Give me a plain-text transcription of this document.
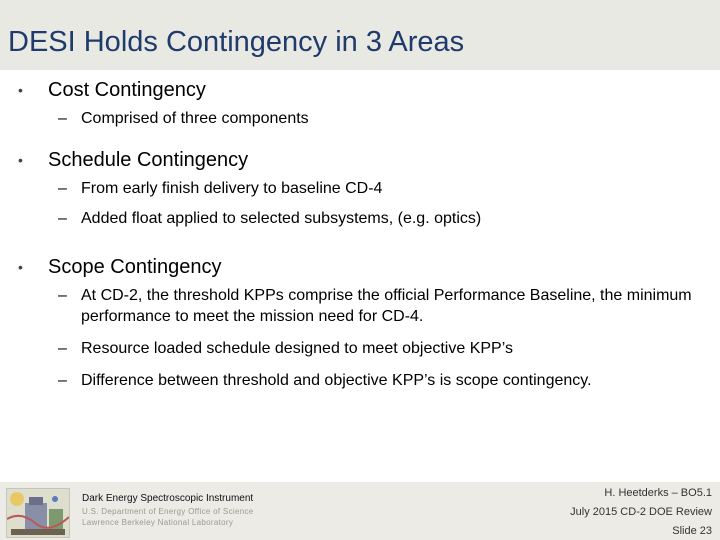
DESI Holds Contingency in 3 Areas
• Cost Contingency
– Comprised of three components
• Schedule Contingency
– From early finish delivery to baseline CD-4
– Added float applied to selected subsystems, (e.g. optics)
• Scope Contingency
– At CD-2, the threshold KPPs comprise the official Performance Baseline, the minimum performance to meet the mission need for CD-4.
– Resource loaded schedule designed to meet objective KPP’s
– Difference between threshold and objective KPP’s is scope contingency.
Dark Energy Spectroscopic Instrument
U.S. Department of Energy Office of Science
Lawrence Berkeley National Laboratory
H. Heetderks – BO5.1
July 2015 CD-2 DOE Review
Slide 23
